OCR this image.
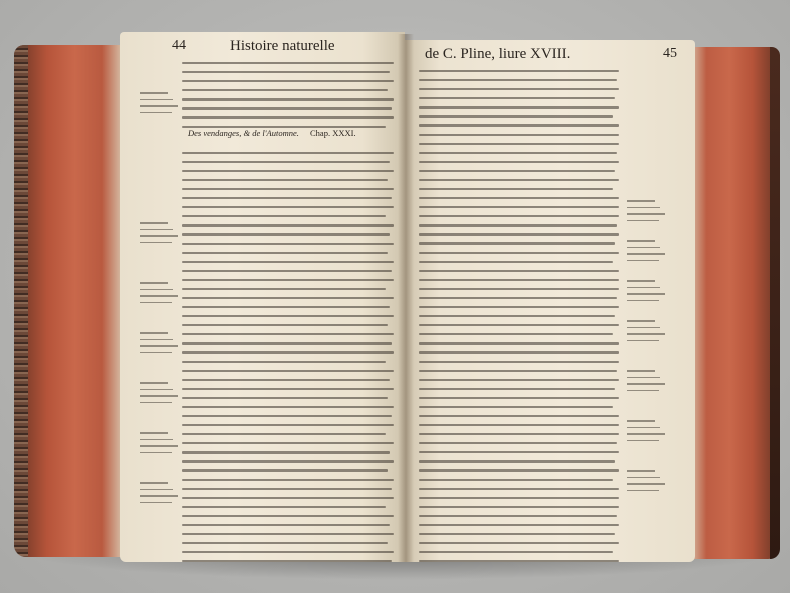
44	Histoire naturelle
Des vendanges, & de l'Automne. Chap. XXXI.
de C. Pline, liure XVIII.	45
